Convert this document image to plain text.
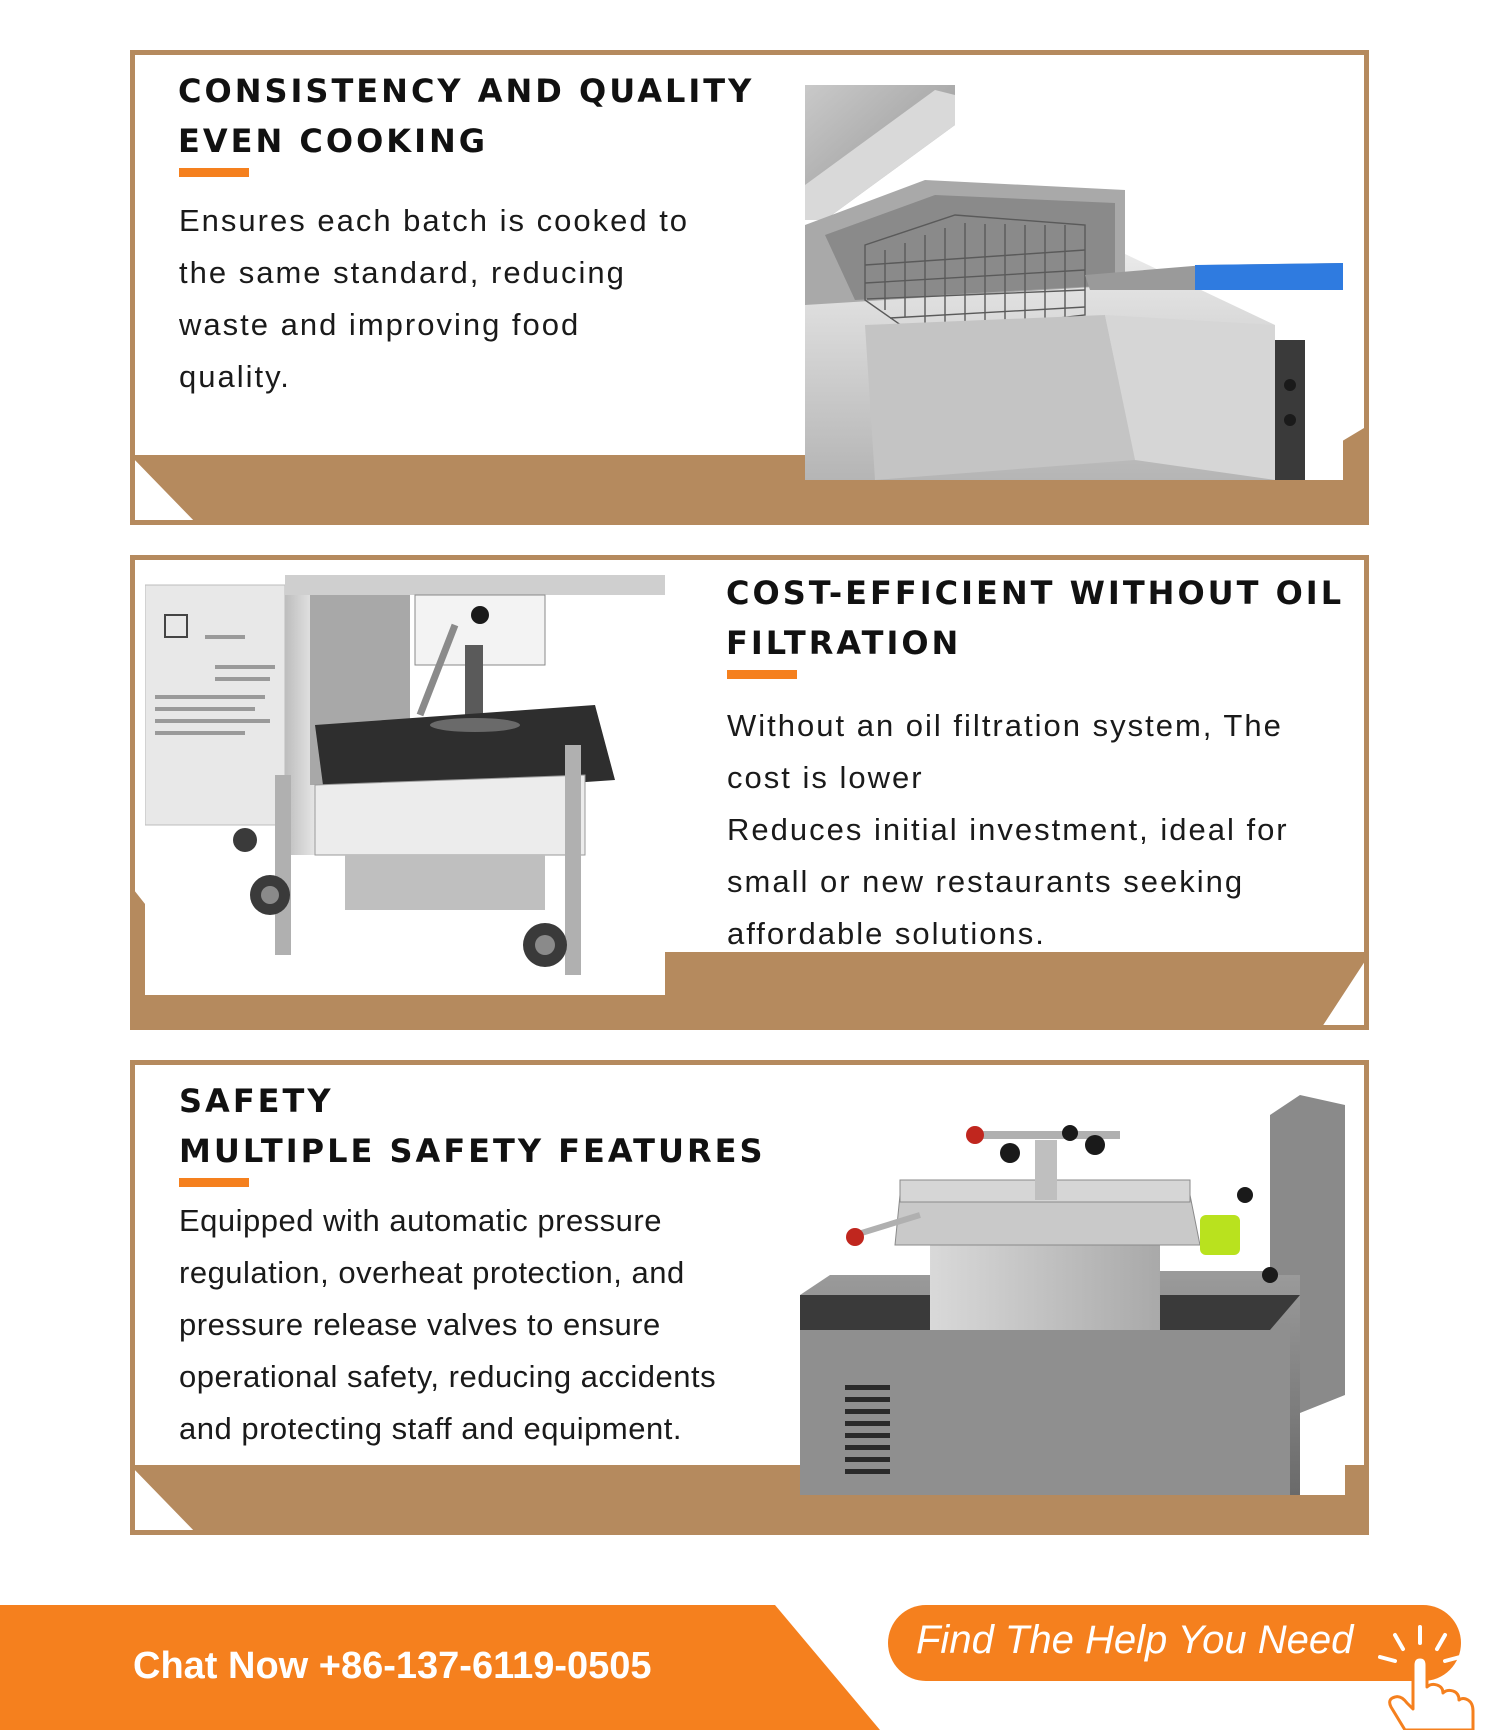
CONSISTENCY AND QUALITY
EVEN COOKING

Ensures each batch is cooked to
the same standard, reducing
waste and improving food
quality.

COST-EFFICIENT WITHOUT OIL
FILTRATION

Without an oil filtration system, The
cost is lower
Reduces initial investment, ideal for
small or new restaurants seeking
affordable solutions.

SAFETY
MULTIPLE SAFETY FEATURES

Equipped with automatic pressure
regulation, overheat protection, and
pressure release valves to ensure
operational safety, reducing accidents
and protecting staff and equipment.

Chat Now +86-137-6119-0505
Find The Help You Need
